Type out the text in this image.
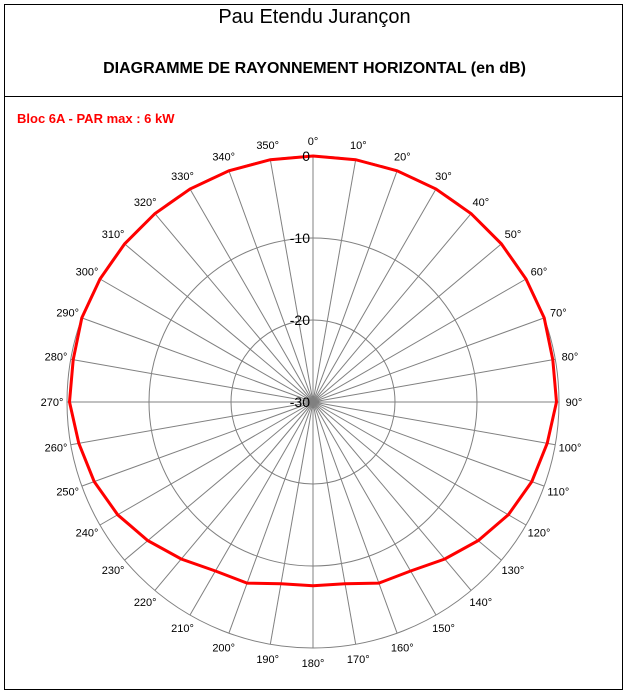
Pau Etendu Jurançon
DIAGRAMME DE RAYONNEMENT HORIZONTAL (en dB)
Bloc 6A - PAR max : 6 kW
0°	10°
20°
30°
40°
50°
60°
70°
80°
90°
100°
110°
120°
130°
140°
150°
160°
170°
180°
190°
200°
210°
220°
230°
240°
250°
260°
270°
280°
290°
300°
310°
320°
330°
340°
350°
0
-10
-20
-30
